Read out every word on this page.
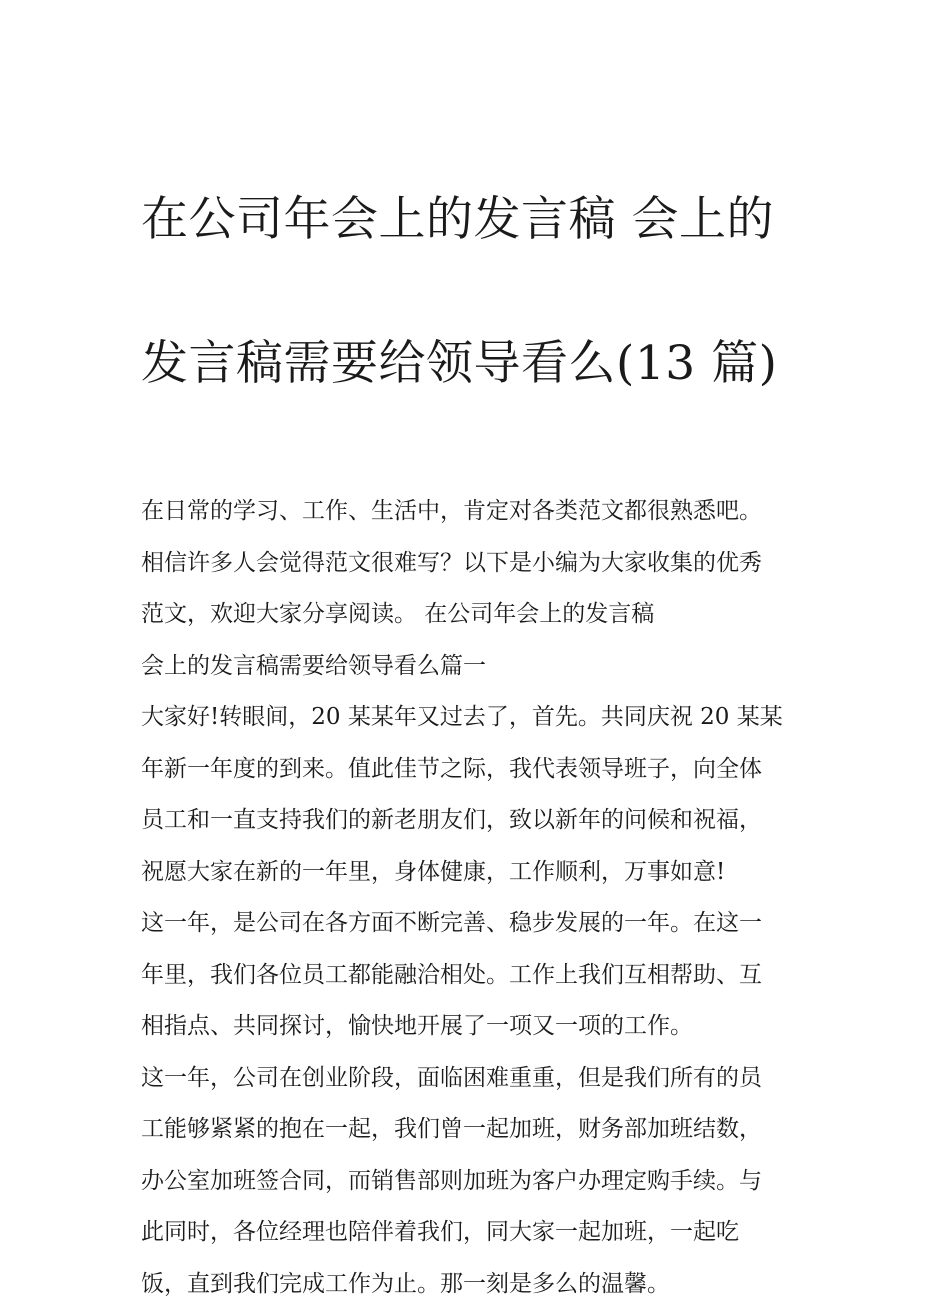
在公司年会上的发言稿 会上的

发言稿需要给领导看么(13 篇)

在日常的学习、工作、生活中，肯定对各类范文都很熟悉吧。

相信许多人会觉得范文很难写？以下是小编为大家收集的优秀

范文，欢迎大家分享阅读。 在公司年会上的发言稿

会上的发言稿需要给领导看么篇一

大家好!转眼间，20 某某年又过去了，首先。共同庆祝 20 某某

年新一年度的到来。值此佳节之际，我代表领导班子，向全体

员工和一直支持我们的新老朋友们，致以新年的问候和祝福，

祝愿大家在新的一年里，身体健康，工作顺利，万事如意!

这一年，是公司在各方面不断完善、稳步发展的一年。在这一

年里，我们各位员工都能融洽相处。工作上我们互相帮助、互

相指点、共同探讨，愉快地开展了一项又一项的工作。

这一年，公司在创业阶段，面临困难重重，但是我们所有的员

工能够紧紧的抱在一起，我们曾一起加班，财务部加班结数，

办公室加班签合同，而销售部则加班为客户办理定购手续。与

此同时，各位经理也陪伴着我们，同大家一起加班，一起吃

饭，直到我们完成工作为止。那一刻是多么的温馨。
